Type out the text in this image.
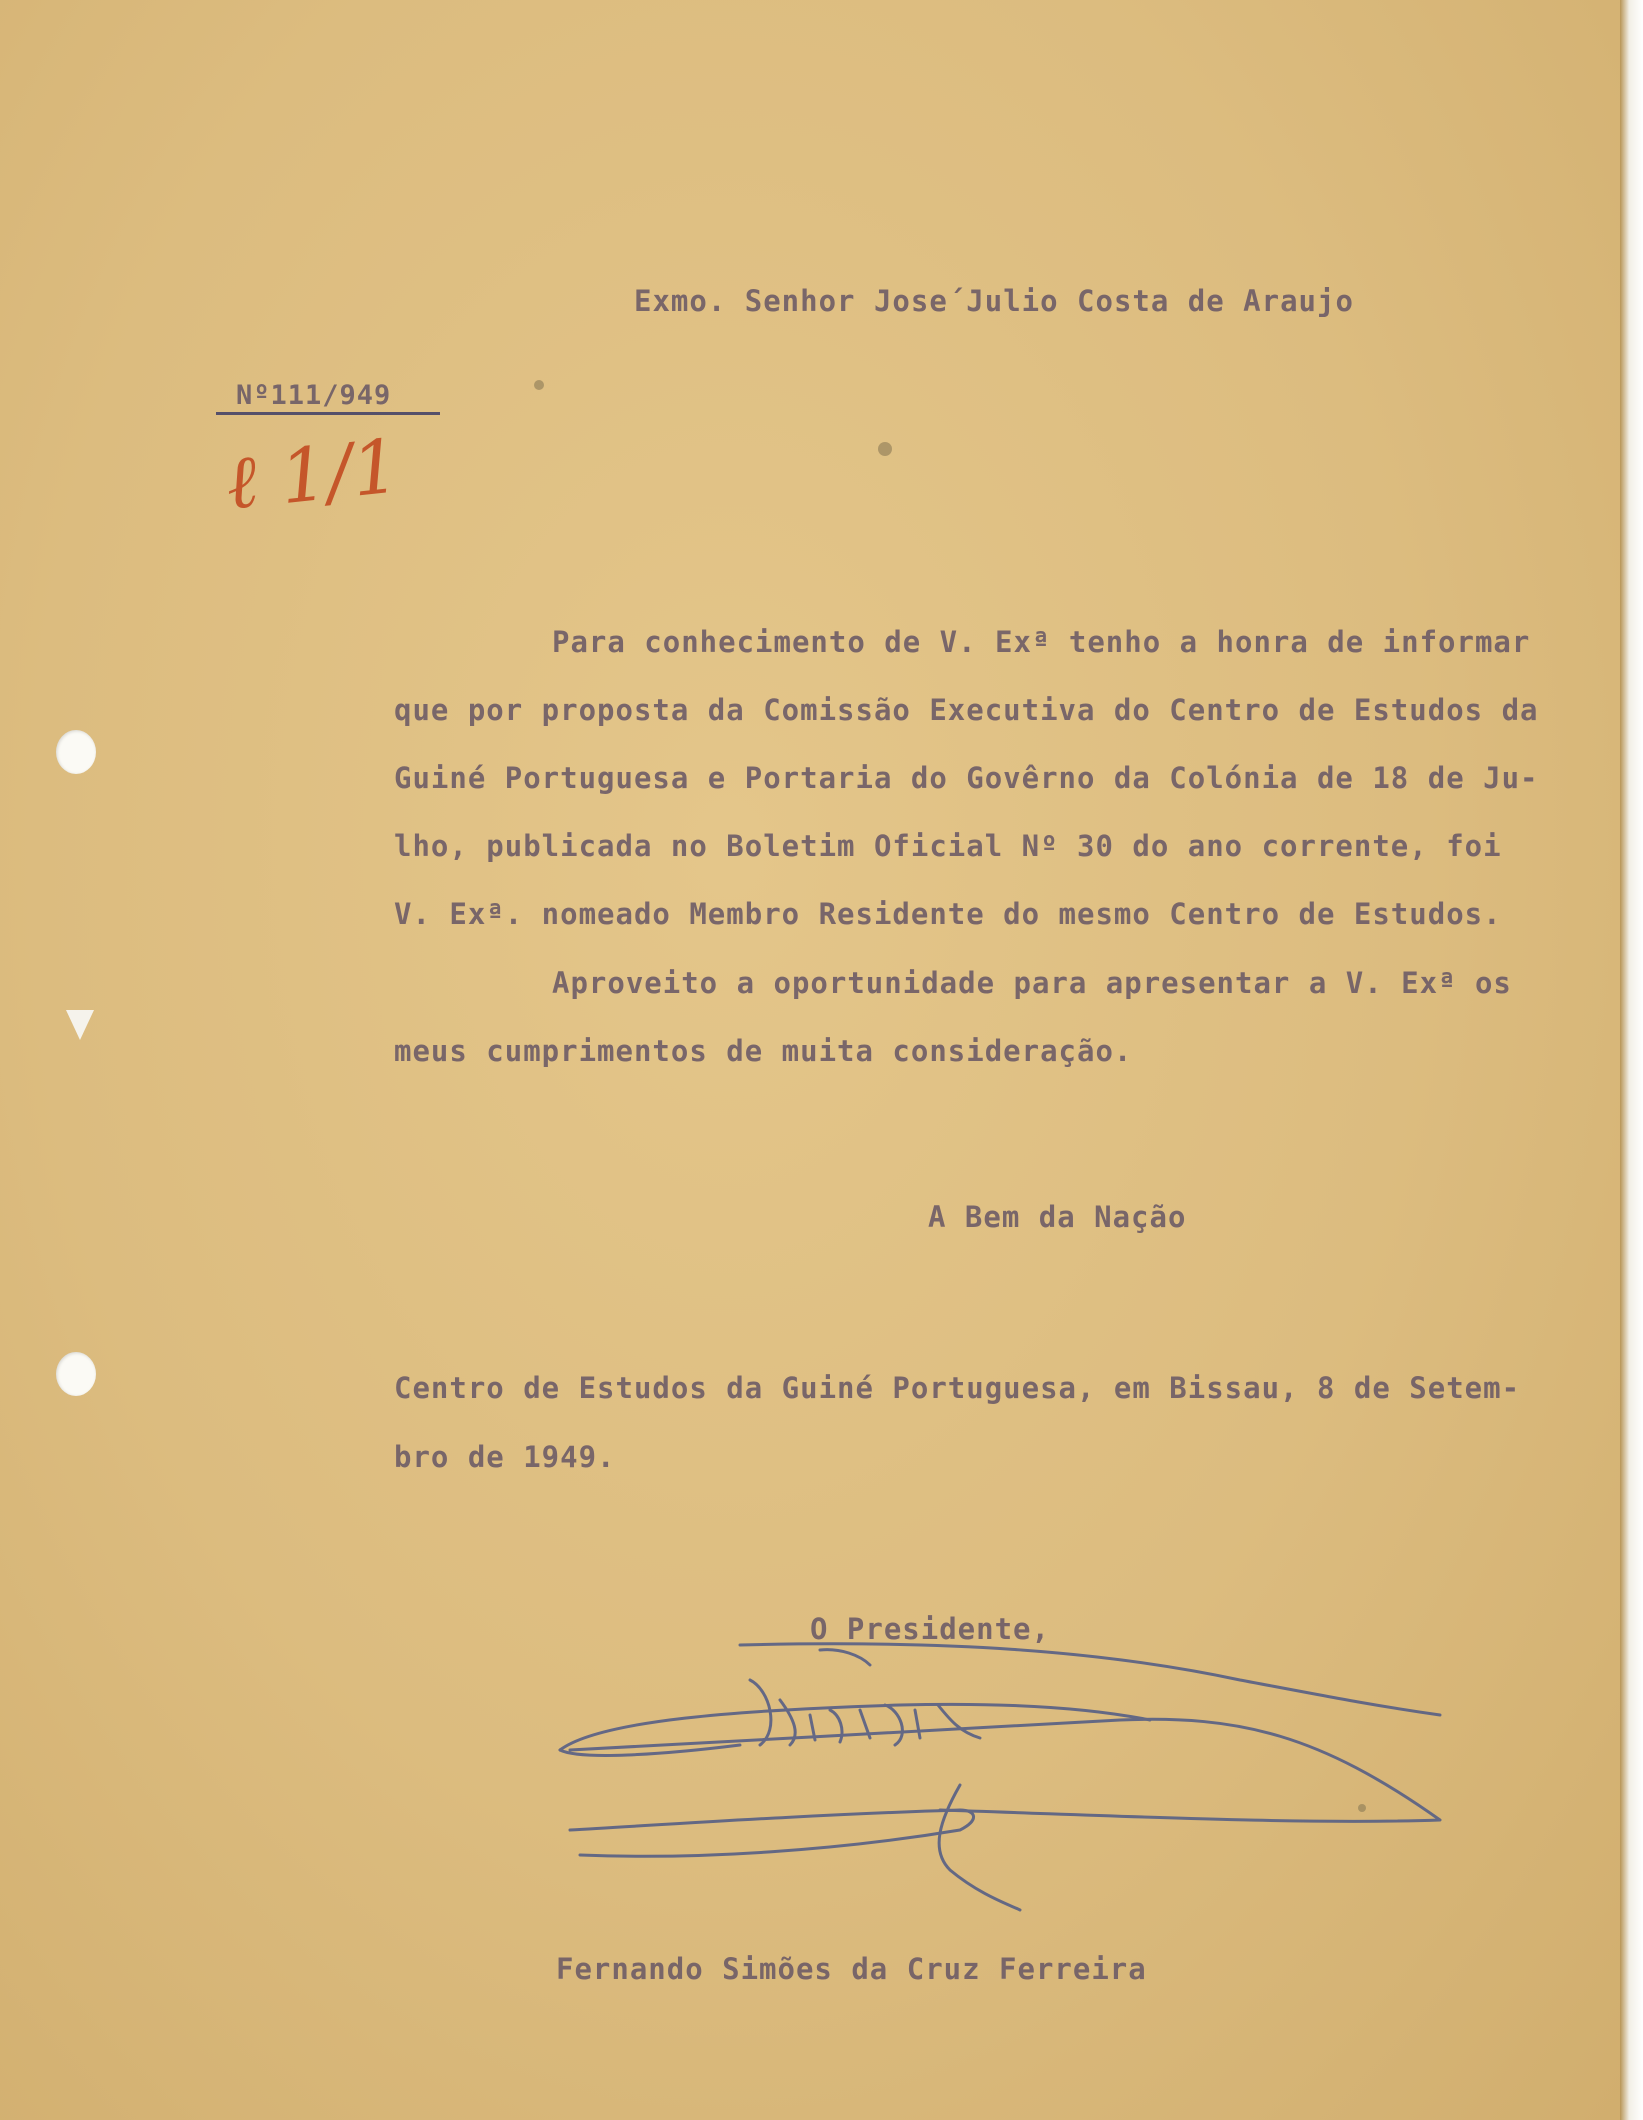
Exmo. Senhor Jose´Julio Costa de Araujo
Nº111/949
ℓ 1/1
Para conhecimento de V. Exª tenho a honra de informar
que por proposta da Comissão Executiva do Centro de Estudos da
Guiné Portuguesa e Portaria do Govêrno da Colónia de 18 de Ju-
lho, publicada no Boletim Oficial Nº 30 do ano corrente, foi
V. Exª. nomeado Membro Residente do mesmo Centro de Estudos.
Aproveito a oportunidade para apresentar a V. Exª os
meus cumprimentos de muita consideração.
A Bem da Nação
Centro de Estudos da Guiné Portuguesa, em Bissau, 8 de Setem-
bro de 1949.
O Presidente,
Fernando Simões da Cruz Ferreira
